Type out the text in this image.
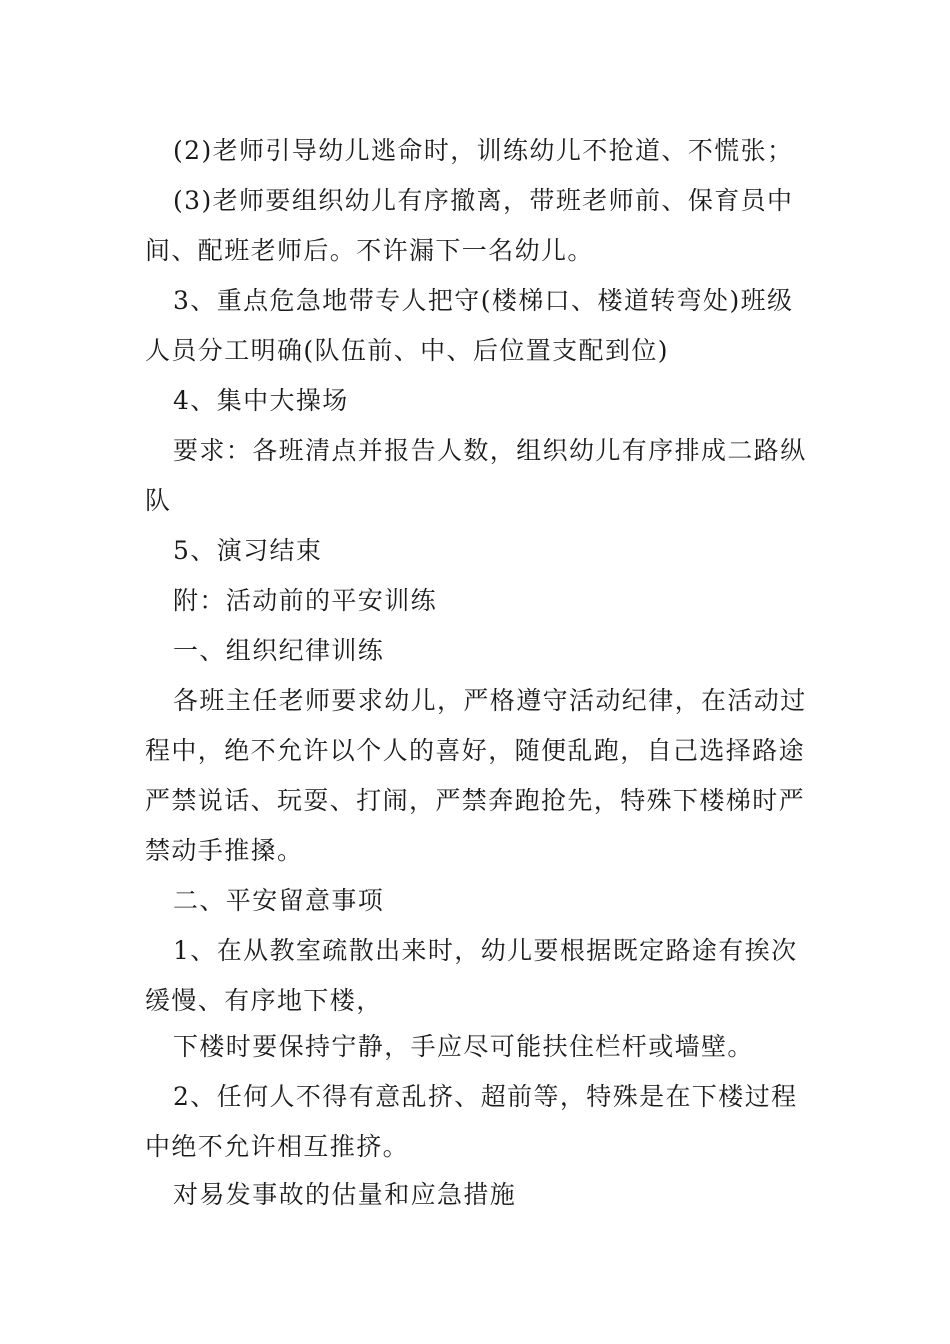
(2)老师引导幼儿逃命时，训练幼儿不抢道、不慌张；

(3)老师要组织幼儿有序撤离，带班老师前、保育员中间、配班老师后。不许漏下一名幼儿。

3、重点危急地带专人把守(楼梯口、楼道转弯处)班级人员分工明确(队伍前、中、后位置支配到位)

4、集中大操场

要求：各班清点并报告人数，组织幼儿有序排成二路纵队

5、演习结束

附：活动前的平安训练

一、组织纪律训练

各班主任老师要求幼儿，严格遵守活动纪律，在活动过程中，绝不允许以个人的喜好，随便乱跑，自己选择路途严禁说话、玩耍、打闹，严禁奔跑抢先，特殊下楼梯时严禁动手推搡。

二、平安留意事项

1、在从教室疏散出来时，幼儿要根据既定路途有挨次缓慢、有序地下楼，

下楼时要保持宁静，手应尽可能扶住栏杆或墙壁。

2、任何人不得有意乱挤、超前等，特殊是在下楼过程中绝不允许相互推挤。

对易发事故的估量和应急措施
